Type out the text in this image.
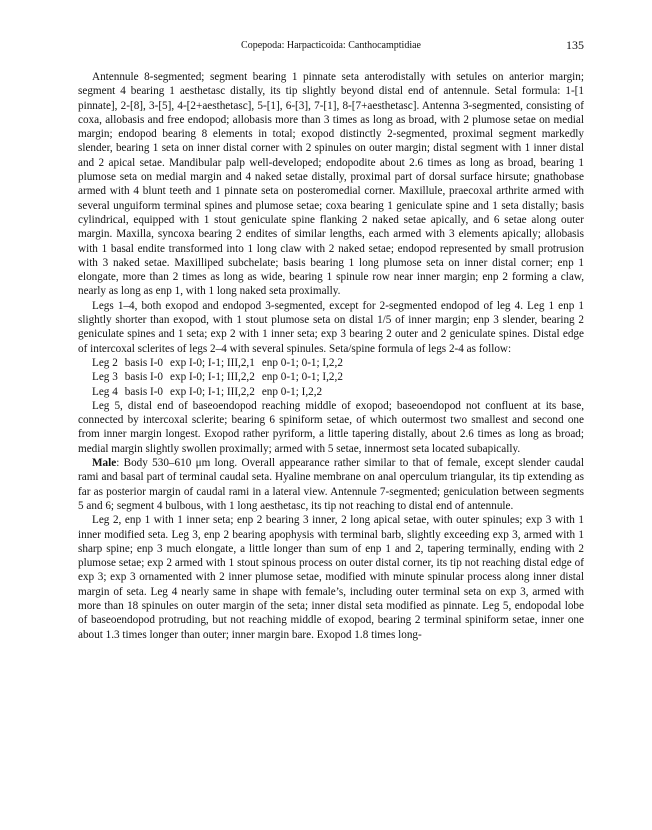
Copepoda: Harpacticoida: Canthocamptidiae	135

Antennule 8-segmented; segment bearing 1 pinnate seta anterodistally with setules on anterior margin; segment 4 bearing 1 aesthetasc distally, its tip slightly beyond distal end of antennule. Setal formula: 1-[1 pinnate], 2-[8], 3-[5], 4-[2+aesthetasc], 5-[1], 6-[3], 7-[1], 8-[7+aesthetasc]. Antenna 3-segmented, consisting of coxa, allobasis and free endopod; allobasis more than 3 times as long as broad, with 2 plumose setae on medial margin; endopod bearing 8 elements in total; exopod distinctly 2-segmented, proximal segment markedly slender, bearing 1 seta on inner distal corner with 2 spinules on outer margin; distal segment with 1 inner distal and 2 apical setae. Mandibular palp well-developed; endopodite about 2.6 times as long as broad, bearing 1 plumose seta on medial margin and 4 naked setae distally, proximal part of dorsal surface hirsute; gnathobase armed with 4 blunt teeth and 1 pinnate seta on posteromedial corner. Maxillule, praecoxal arthrite armed with several unguiform terminal spines and plumose setae; coxa bearing 1 geniculate spine and 1 seta distally; basis cylindrical, equipped with 1 stout geniculate spine flanking 2 naked setae apically, and 6 setae along outer margin. Maxilla, syncoxa bearing 2 endites of similar lengths, each armed with 3 elements apically; allobasis with 1 basal endite transformed into 1 long claw with 2 naked setae; endopod represented by small protrusion with 3 naked setae. Maxilliped subchelate; basis bearing 1 long plumose seta on inner distal corner; enp 1 elongate, more than 2 times as long as wide, bearing 1 spinule row near inner margin; enp 2 forming a claw, nearly as long as enp 1, with 1 long naked seta proximally.

Legs 1–4, both exopod and endopod 3-segmented, except for 2-segmented endopod of leg 4. Leg 1 enp 1 slightly shorter than exopod, with 1 stout plumose seta on distal 1/5 of inner margin; enp 3 slender, bearing 2 geniculate spines and 1 seta; exp 2 with 1 inner seta; exp 3 bearing 2 outer and 2 geniculate spines. Distal edge of intercoxal sclerites of legs 2–4 with several spinules. Seta/spine formula of legs 2-4 as follow:

Leg 2	basis I-0	exp I-0; I-1; III,2,1	enp 0-1; 0-1; I,2,2
Leg 3	basis I-0	exp I-0; I-1; III,2,2	enp 0-1; 0-1; I,2,2
Leg 4	basis I-0	exp I-0; I-1; III,2,2	enp 0-1; I,2,2

Leg 5, distal end of baseoendopod reaching middle of exopod; baseoendopod not confluent at its base, connected by intercoxal sclerite; bearing 6 spiniform setae, of which outermost two smallest and second one from inner margin longest. Exopod rather pyriform, a little tapering distally, about 2.6 times as long as broad; medial margin slightly swollen proximally; armed with 5 setae, innermost seta located subapically.

Male: Body 530–610 μm long. Overall appearance rather similar to that of female, except slender caudal rami and basal part of terminal caudal seta. Hyaline membrane on anal operculum triangular, its tip extending as far as posterior margin of caudal rami in a lateral view. Antennule 7-segmented; geniculation between segments 5 and 6; segment 4 bulbous, with 1 long aesthetasc, its tip not reaching to distal end of antennule.

Leg 2, enp 1 with 1 inner seta; enp 2 bearing 3 inner, 2 long apical setae, with outer spinules; exp 3 with 1 inner modified seta. Leg 3, enp 2 bearing apophysis with terminal barb, slightly exceeding exp 3, armed with 1 sharp spine; enp 3 much elongate, a little longer than sum of enp 1 and 2, tapering terminally, ending with 2 plumose setae; exp 2 armed with 1 stout spinous process on outer distal corner, its tip not reaching distal edge of exp 3; exp 3 ornamented with 2 inner plumose setae, modified with minute spinular process along inner distal margin of seta. Leg 4 nearly same in shape with female’s, including outer terminal seta on exp 3, armed with more than 18 spinules on outer margin of the seta; inner distal seta modified as pinnate. Leg 5, endopodal lobe of baseoendopod protruding, but not reaching middle of exopod, bearing 2 terminal spiniform setae, inner one about 1.3 times longer than outer; inner margin bare. Exopod 1.8 times long-
